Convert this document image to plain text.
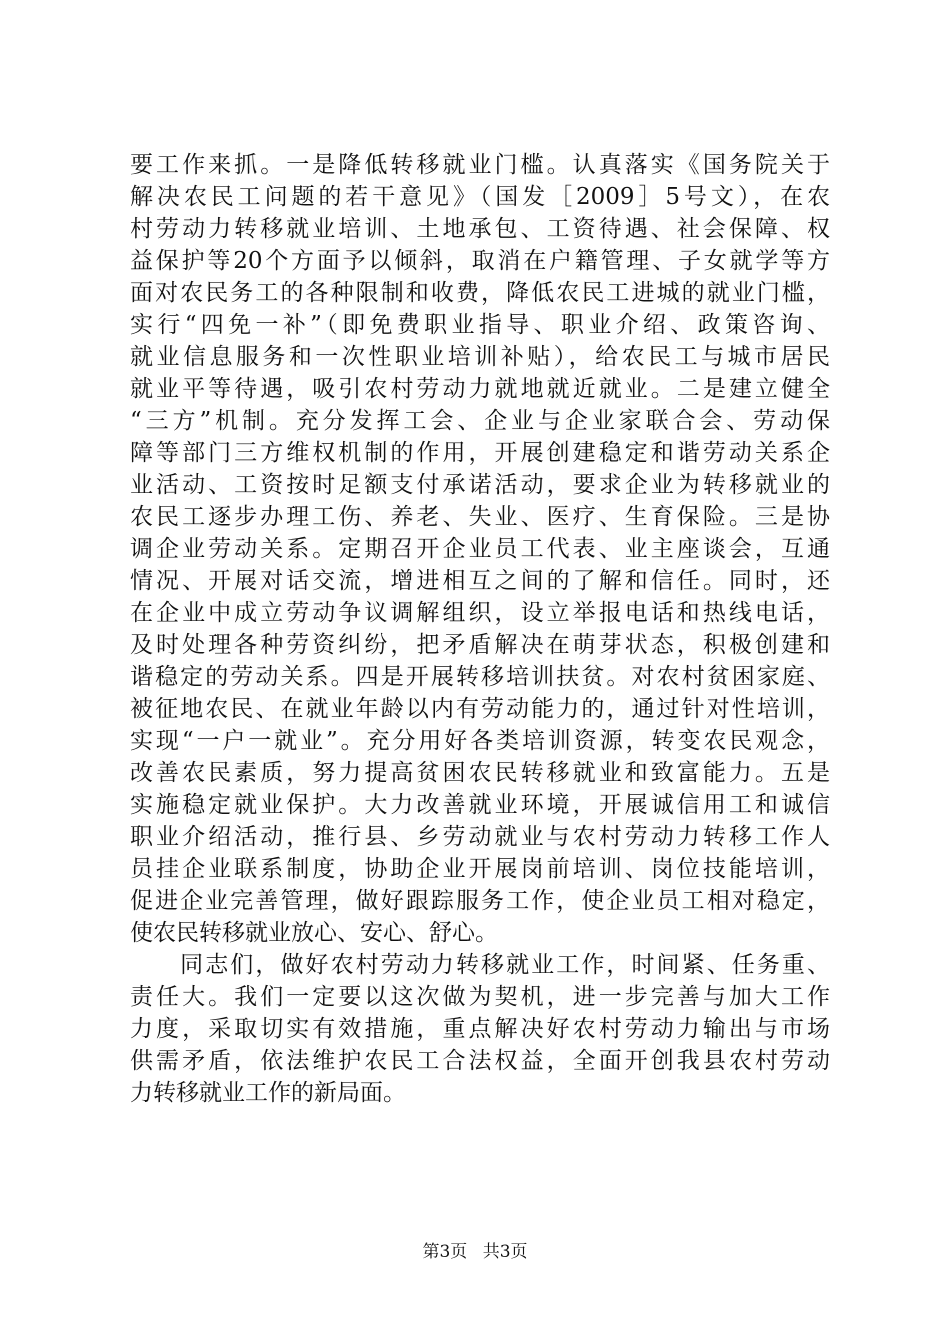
要工作来抓。一是降低转移就业门槛。认真落实《国务院关于
解决农民工问题的若干意见》（国发［2009］5号文），在农
村劳动力转移就业培训、土地承包、工资待遇、社会保障、权
益保护等20个方面予以倾斜，取消在户籍管理、子女就学等方
面对农民务工的各种限制和收费，降低农民工进城的就业门槛，
实行“四免一补”（即免费职业指导、职业介绍、政策咨询、
就业信息服务和一次性职业培训补贴），给农民工与城市居民
就业平等待遇，吸引农村劳动力就地就近就业。二是建立健全
“三方”机制。充分发挥工会、企业与企业家联合会、劳动保
障等部门三方维权机制的作用，开展创建稳定和谐劳动关系企
业活动、工资按时足额支付承诺活动，要求企业为转移就业的
农民工逐步办理工伤、养老、失业、医疗、生育保险。三是协
调企业劳动关系。定期召开企业员工代表、业主座谈会，互通
情况、开展对话交流，增进相互之间的了解和信任。同时，还
在企业中成立劳动争议调解组织，设立举报电话和热线电话，
及时处理各种劳资纠纷，把矛盾解决在萌芽状态，积极创建和
谐稳定的劳动关系。四是开展转移培训扶贫。对农村贫困家庭、
被征地农民、在就业年龄以内有劳动能力的，通过针对性培训，
实现“一户一就业”。充分用好各类培训资源，转变农民观念，
改善农民素质，努力提高贫困农民转移就业和致富能力。五是
实施稳定就业保护。大力改善就业环境，开展诚信用工和诚信
职业介绍活动，推行县、乡劳动就业与农村劳动力转移工作人
员挂企业联系制度，协助企业开展岗前培训、岗位技能培训，
促进企业完善管理，做好跟踪服务工作，使企业员工相对稳定，
使农民转移就业放心、安心、舒心。
　　同志们，做好农村劳动力转移就业工作，时间紧、任务重、
责任大。我们一定要以这次做为契机，进一步完善与加大工作
力度，采取切实有效措施，重点解决好农村劳动力输出与市场
供需矛盾，依法维护农民工合法权益，全面开创我县农村劳动
力转移就业工作的新局面。
第3页 共3页
